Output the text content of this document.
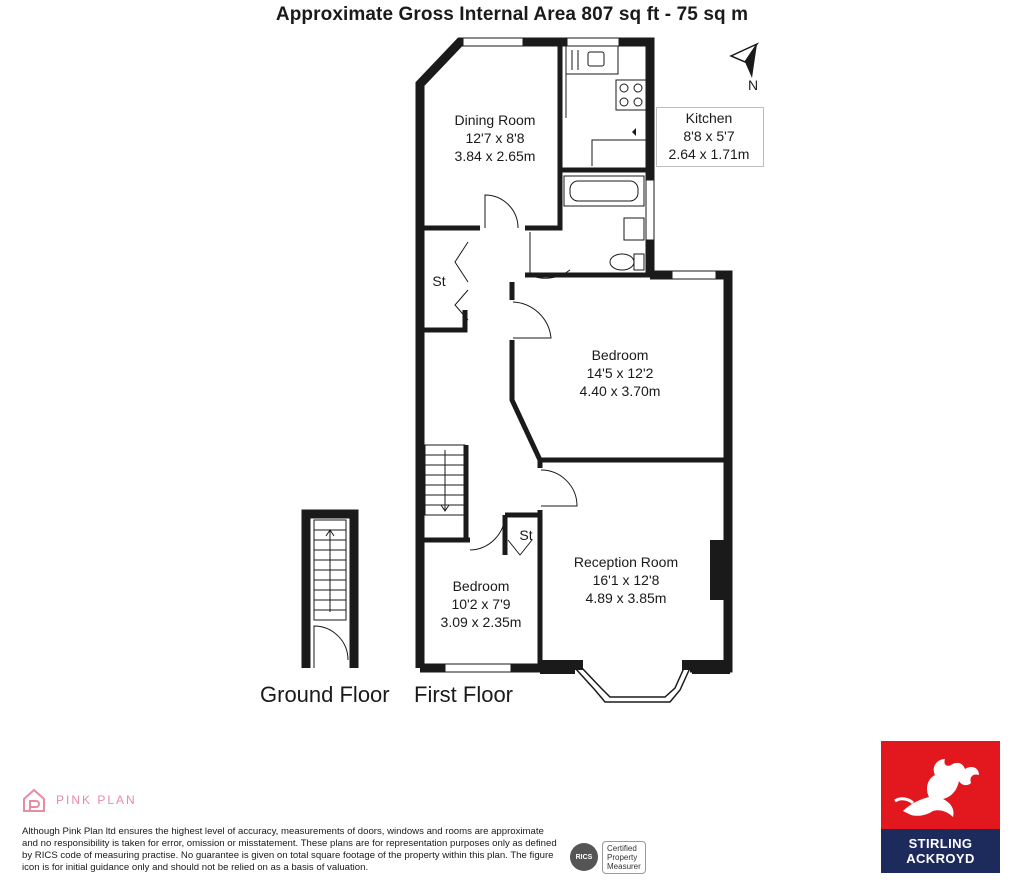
Approximate Gross Internal Area 807 sq ft - 75 sq m
Dining Room
12'7 x 8'8
3.84 x 2.65m
Kitchen
8'8 x 5'7
2.64 x 1.71m
Bedroom
14'5 x 12'2
4.40 x 3.70m
Reception Room
16'1 x 12'8
4.89 x 3.85m
Bedroom
10'2 x 7'9
3.09 x 2.35m
St
St
N
Ground Floor First Floor
PINK PLAN
Although Pink Plan ltd ensures the highest level of accuracy, measurements of doors, windows and rooms are approximate and no responsibility is taken for error, omission or misstatement. These plans are for representation purposes only as defined by RICS code of measuring practise. No guarantee is given on total square footage of the property within this plan. The figure icon is for initial guidance only and should not be relied on as a basis of valuation.
RICS
Certified
Property
Measurer
STIRLING
ACKROYD
